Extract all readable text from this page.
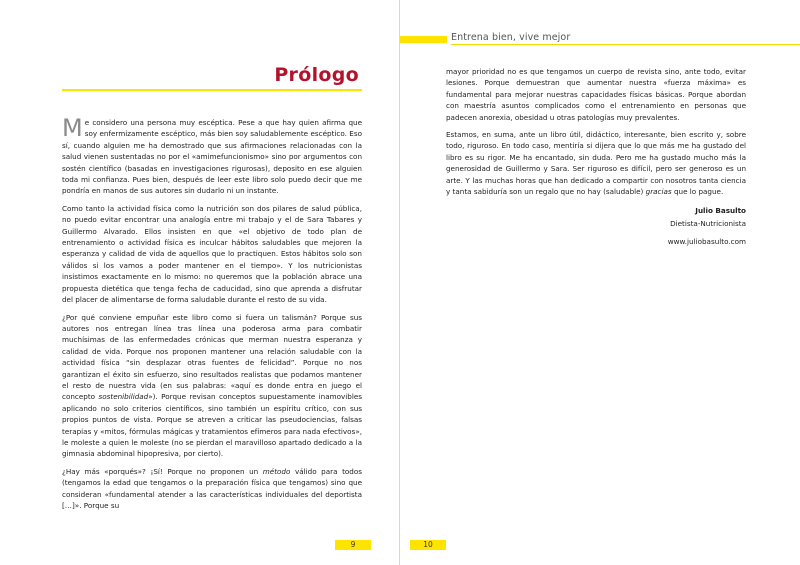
Prólogo

Me considero una persona muy escéptica. Pese a que hay quien afirma que soy enfermizamente escéptico, más bien soy saludablemente escéptico. Eso sí, cuando alguien me ha demostrado que sus afirmaciones relacionadas con la salud vienen sustentadas no por el «amimefuncionismo» sino por argumentos con sostén científico (basadas en investigaciones rigurosas), deposito en ese alguien toda mi confianza. Pues bien, después de leer este libro solo puedo decir que me pondría en manos de sus autores sin dudarlo ni un instante.

Como tanto la actividad física como la nutrición son dos pilares de salud pública, no puedo evitar encontrar una analogía entre mi trabajo y el de Sara Tabares y Guillermo Alvarado. Ellos insisten en que «el objetivo de todo plan de entrenamiento o actividad física es inculcar hábitos saludables que mejoren la esperanza y calidad de vida de aquellos que lo practiquen. Estos hábitos solo son válidos si los vamos a poder mantener en el tiempo». Y los nutricionistas insistimos exactamente en lo mismo: no queremos que la población abrace una propuesta dietética que tenga fecha de caducidad, sino que aprenda a disfrutar del placer de alimentarse de forma saludable durante el resto de su vida.

¿Por qué conviene empuñar este libro como si fuera un talismán? Porque sus autores nos entregan línea tras línea una poderosa arma para combatir muchísimas de las enfermedades crónicas que merman nuestra esperanza y calidad de vida. Porque nos proponen mantener una relación saludable con la actividad física “sin desplazar otras fuentes de felicidad”. Porque no nos garantizan el éxito sin esfuerzo, sino resultados realistas que podamos mantener el resto de nuestra vida (en sus palabras: «aquí es donde entra en juego el concepto sostenibilidad»). Porque revisan conceptos supuestamente inamovibles aplicando no solo criterios científicos, sino también un espíritu crítico, con sus propios puntos de vista. Porque se atreven a criticar las pseudociencias, falsas terapias y «mitos, fórmulas mágicas y tratamientos efímeros para nada efectivos», le moleste a quien le moleste (no se pierdan el maravilloso apartado dedicado a la gimnasia abdominal hipopresiva, por cierto).

¿Hay más «porqués»? ¡Sí! Porque no proponen un método válido para todos (tengamos la edad que tengamos o la preparación física que tengamos) sino que consideran «fundamental atender a las características individuales del deportista […]». Porque su

9
Entrena bien, vive mejor

mayor prioridad no es que tengamos un cuerpo de revista sino, ante todo, evitar lesiones. Porque demuestran que aumentar nuestra «fuerza máxima» es fundamental para mejorar nuestras capacidades físicas básicas. Porque abordan con maestría asuntos complicados como el entrenamiento en personas que padecen anorexia, obesidad u otras patologías muy prevalentes.

Estamos, en suma, ante un libro útil, didáctico, interesante, bien escrito y, sobre todo, riguroso. En todo caso, mentiría si dijera que lo que más me ha gustado del libro es su rigor. Me ha encantado, sin duda. Pero me ha gustado mucho más la generosidad de Guillermo y Sara. Ser riguroso es difícil, pero ser generoso es un arte. Y las muchas horas que han dedicado a compartir con nosotros tanta ciencia y tanta sabiduría son un regalo que no hay (saludable) gracias que lo pague.

Julio Basulto
Dietista-Nutricionista
www.juliobasulto.com
10
